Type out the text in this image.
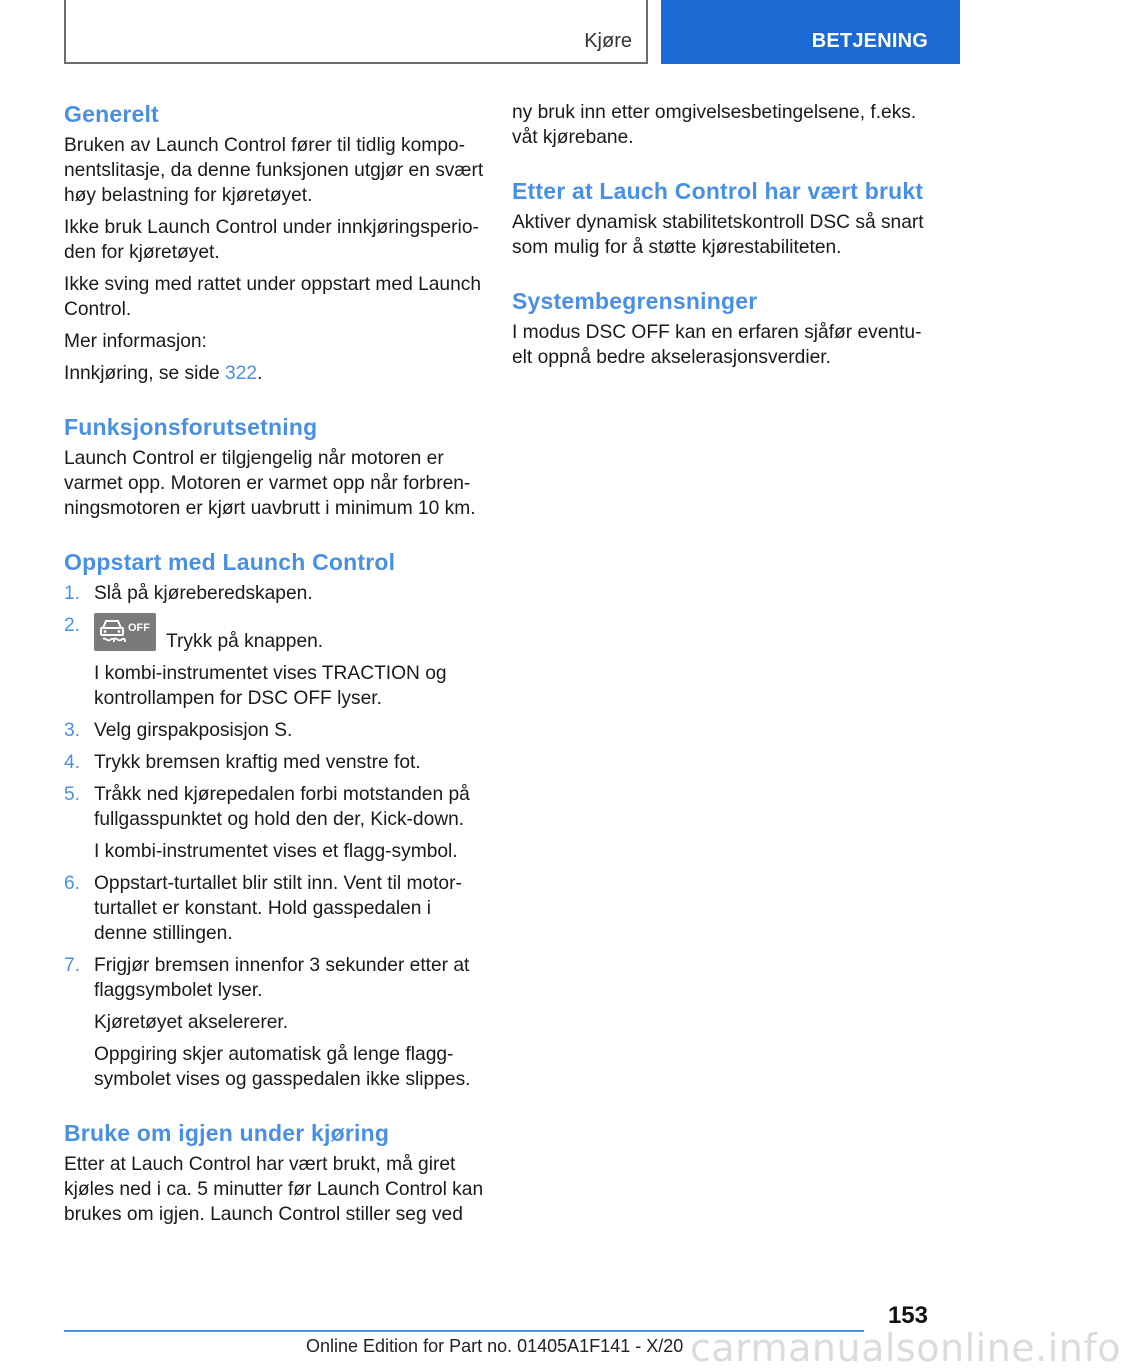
Kjøre	BETJENING
Generelt

Bruken av Launch Control fører til tidlig kompo-nentslitasje, da denne funksjonen utgjør en svært høy belastning for kjøretøyet.

Ikke bruk Launch Control under innkjøringsperio-den for kjøretøyet.

Ikke sving med rattet under oppstart med Launch Control.

Mer informasjon:

Innkjøring, se side 322.

Funksjonsforutsetning

Launch Control er tilgjengelig når motoren er varmet opp. Motoren er varmet opp når forbren-ningsmotoren er kjørt uavbrutt i minimum 10 km.

Oppstart med Launch Control
1. Slå på kjøreberedskapen.
2.	OFF
Trykk på knappen.
I kombi-instrumentet vises TRACTION og kontrollampen for DSC OFF lyser.
3. Velg girspakposisjon S.
4. Trykk bremsen kraftig med venstre fot.
5. Tråkk ned kjørepedalen forbi motstanden på fullgasspunktet og hold den der, Kick-down.
I kombi-instrumentet vises et flagg-symbol.
6. Oppstart-turtallet blir stilt inn. Vent til motor-turtallet er konstant. Hold gasspedalen i denne stillingen.
7. Frigjør bremsen innenfor 3 sekunder etter at flaggsymbolet lyser.
Kjøretøyet akselererer.
Oppgiring skjer automatisk gå lenge flagg-symbolet vises og gasspedalen ikke slippes.
Bruke om igjen under kjøring

Etter at Lauch Control har vært brukt, må giret kjøles ned i ca. 5 minutter før Launch Control kan brukes om igjen. Launch Control stiller seg ved

ny bruk inn etter omgivelsesbetingelsene, f.eks. våt kjørebane.

Etter at Lauch Control har vært brukt

Aktiver dynamisk stabilitetskontroll DSC så snart som mulig for å støtte kjørestabiliteten.

Systembegrensninger

I modus DSC OFF kan en erfaren sjåfør eventu-elt oppnå bedre akselerasjonsverdier.

153
Online Edition for Part no. 01405A1F141 - X/20 carmanualsonline.info
